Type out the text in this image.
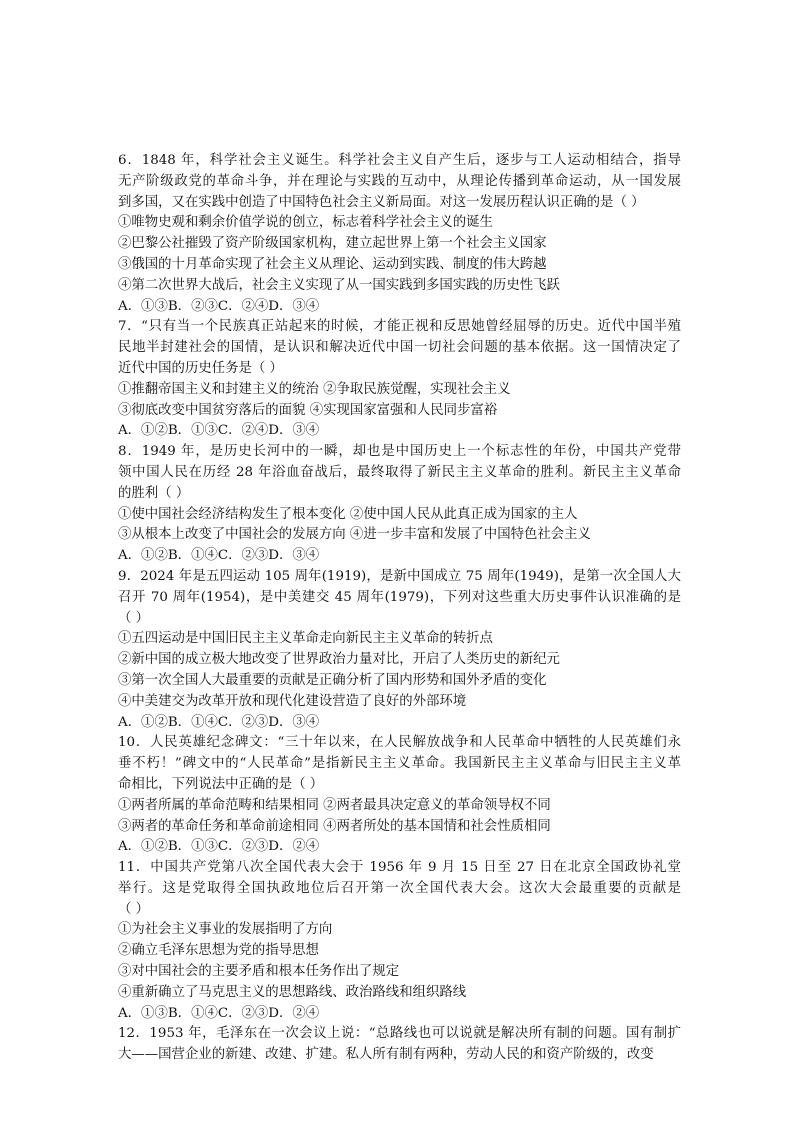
6．1848 年，科学社会主义诞生。科学社会主义自产生后，逐步与工人运动相结合，指导
无产阶级政党的革命斗争，并在理论与实践的互动中，从理论传播到革命运动，从一国发展
到多国，又在实践中创造了中国特色社会主义新局面。对这一发展历程认识正确的是（ ）
①唯物史观和剩余价值学说的创立，标志着科学社会主义的诞生
②巴黎公社摧毁了资产阶级国家机构，建立起世界上第一个社会主义国家
③俄国的十月革命实现了社会主义从理论、运动到实践、制度的伟大跨越
④第二次世界大战后，社会主义实现了从一国实践到多国实践的历史性飞跃
A．①③B．②③C．②④D．③④
7．“只有当一个民族真正站起来的时候，才能正视和反思她曾经屈辱的历史。近代中国半殖
民地半封建社会的国情，是认识和解决近代中国一切社会问题的基本依据。这一国情决定了
近代中国的历史任务是（ ）
①推翻帝国主义和封建主义的统治 ②争取民族觉醒，实现社会主义
③彻底改变中国贫穷落后的面貌 ④实现国家富强和人民同步富裕
A．①②B．①③C．②④D．③④
8．1949 年，是历史长河中的一瞬，却也是中国历史上一个标志性的年份，中国共产党带
领中国人民在历经 28 年浴血奋战后，最终取得了新民主主义革命的胜利。新民主主义革命
的胜利（ ）
①使中国社会经济结构发生了根本变化 ②使中国人民从此真正成为国家的主人
③从根本上改变了中国社会的发展方向 ④进一步丰富和发展了中国特色社会主义
A．①②B．①④C．②③D．③④
9．2024 年是五四运动 105 周年(1919)，是新中国成立 75 周年(1949)，是第一次全国人大
召开 70 周年(1954)，是中美建交 45 周年(1979)，下列对这些重大历史事件认识准确的是
（ ）
①五四运动是中国旧民主主义革命走向新民主主义革命的转折点
②新中国的成立极大地改变了世界政治力量对比，开启了人类历史的新纪元
③第一次全国人大最重要的贡献是正确分析了国内形势和国外矛盾的变化
④中美建交为改革开放和现代化建设营造了良好的外部环境
A．①②B．①④C．②③D．③④
10．人民英雄纪念碑文：“三十年以来，在人民解放战争和人民革命中牺牲的人民英雄们永
垂不朽！”碑文中的“人民革命”是指新民主主义革命。我国新民主主义革命与旧民主主义革
命相比，下列说法中正确的是（ ）
①两者所属的革命范畴和结果相同 ②两者最具决定意义的革命领导权不同
③两者的革命任务和革命前途相同 ④两者所处的基本国情和社会性质相同
A．①②B．①③C．②③D．②④
11．中国共产党第八次全国代表大会于 1956 年 9 月 15 日至 27 日在北京全国政协礼堂
举行。这是党取得全国执政地位后召开第一次全国代表大会。这次大会最重要的贡献是
（ ）
①为社会主义事业的发展指明了方向
②确立毛泽东思想为党的指导思想
③对中国社会的主要矛盾和根本任务作出了规定
④重新确立了马克思主义的思想路线、政治路线和组织路线
A．①③B．①④C．②③D．②④
12．1953 年，毛泽东在一次会议上说：“总路线也可以说就是解决所有制的问题。国有制扩
大——国营企业的新建、改建、扩建。私人所有制有两种，劳动人民的和资产阶级的，改变
